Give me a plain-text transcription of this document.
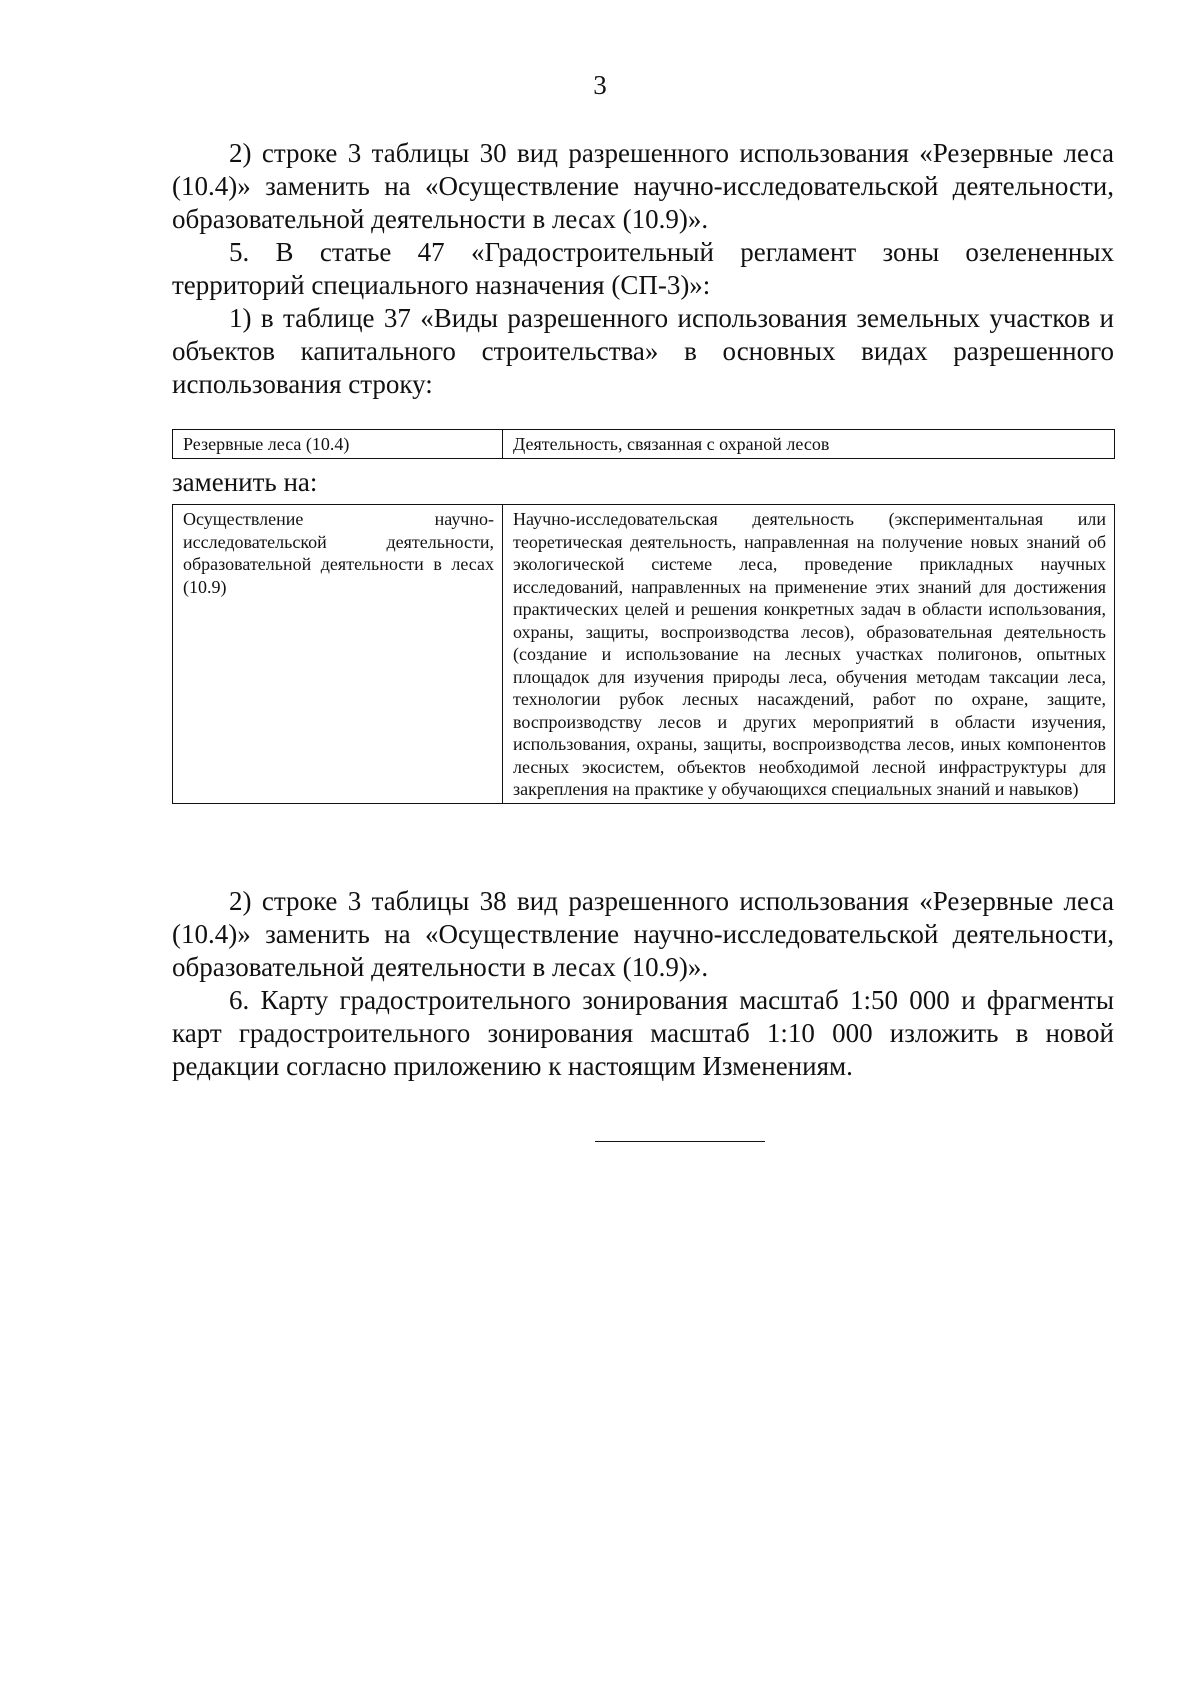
3

2) строке 3 таблицы 30 вид разрешенного использования «Резервные леса (10.4)» заменить на «Осуществление научно-исследовательской деятельности, образовательной деятельности в лесах (10.9)».

5. В статье 47 «Градостроительный регламент зоны озелененных территорий специального назначения (СП-3)»:

1) в таблице 37 «Виды разрешенного использования земельных участков и объектов капитального строительства» в основных видах разрешенного использования строку:

Резервные леса (10.4)	Деятельность, связанная с охраной лесов

заменить на:

Осуществление научно-исследовательской деятельности, образовательной деятельности в лесах (10.9)	Научно-исследовательская деятельность (экспериментальная или теоретическая деятельность, направленная на получение новых знаний об экологической системе леса, проведение прикладных научных исследований, направленных на применение этих знаний для достижения практических целей и решения конкретных задач в области использования, охраны, защиты, воспроизводства лесов), образовательная деятельность (создание и использование на лесных участках полигонов, опытных площадок для изучения природы леса, обучения методам таксации леса, технологии рубок лесных насаждений, работ по охране, защите, воспроизводству лесов и других мероприятий в области изучения, использования, охраны, защиты, воспроизводства лесов, иных компонентов лесных экосистем, объектов необходимой лесной инфраструктуры для закрепления на практике у обучающихся специальных знаний и навыков)

2) строке 3 таблицы 38 вид разрешенного использования «Резервные леса (10.4)» заменить на «Осуществление научно-исследовательской деятельности, образовательной деятельности в лесах (10.9)».

6. Карту градостроительного зонирования масштаб 1:50 000 и фрагменты карт градостроительного зонирования масштаб 1:10 000 изложить в новой редакции согласно приложению к настоящим Изменениям.
